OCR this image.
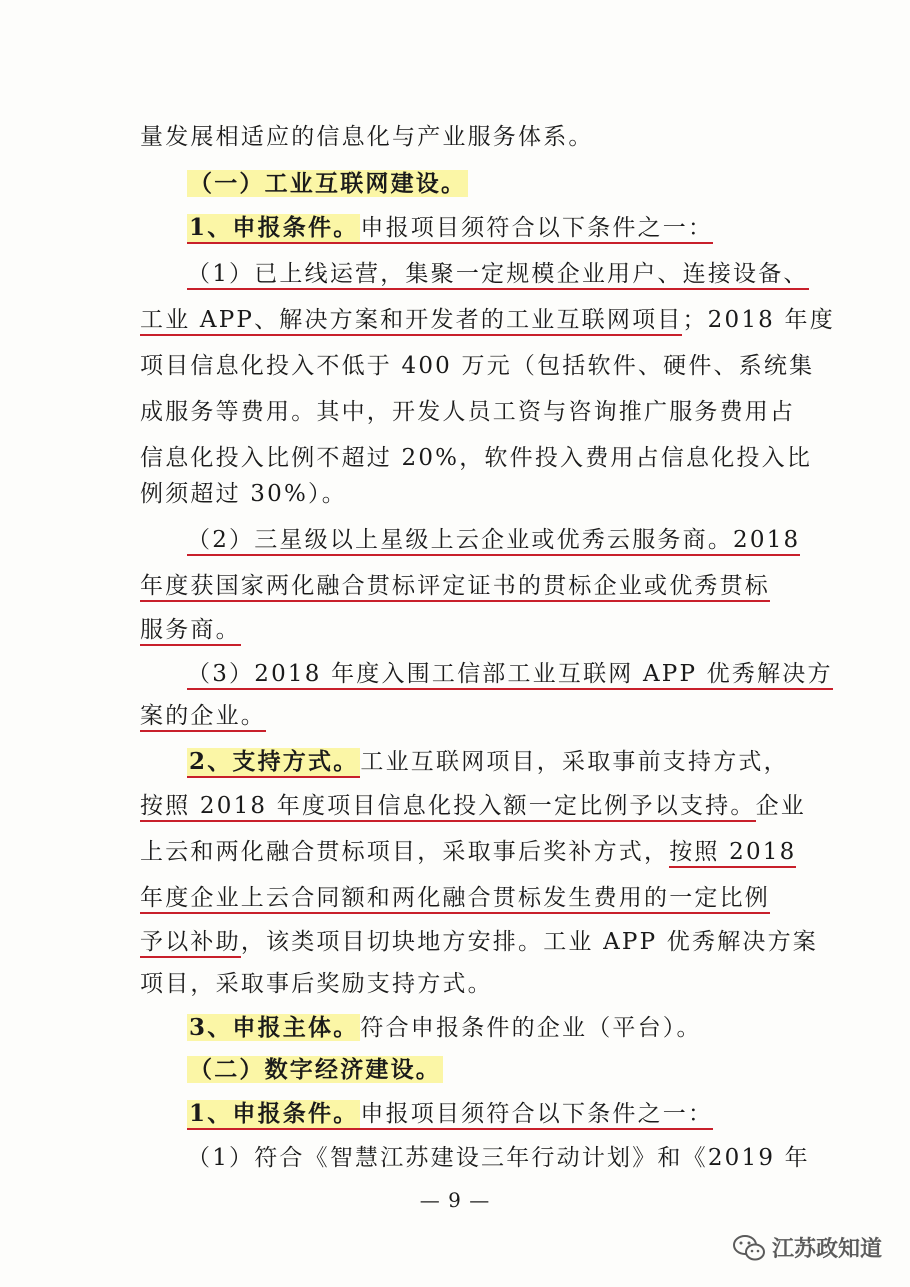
量发展相适应的信息化与产业服务体系。
（一）工业互联网建设。
1、申报条件。申报项目须符合以下条件之一：
（1）已上线运营，集聚一定规模企业用户、连接设备、
工业 APP、解决方案和开发者的工业互联网项目；2018 年度
项目信息化投入不低于 400 万元（包括软件、硬件、系统集
成服务等费用。其中，开发人员工资与咨询推广服务费用占
信息化投入比例不超过 20%，软件投入费用占信息化投入比
例须超过 30%）。
（2）三星级以上星级上云企业或优秀云服务商。2018
年度获国家两化融合贯标评定证书的贯标企业或优秀贯标
服务商。
（3）2018 年度入围工信部工业互联网 APP 优秀解决方
案的企业。
2、支持方式。工业互联网项目，采取事前支持方式，
按照 2018 年度项目信息化投入额一定比例予以支持。企业
上云和两化融合贯标项目，采取事后奖补方式，按照 2018
年度企业上云合同额和两化融合贯标发生费用的一定比例
予以补助，该类项目切块地方安排。工业 APP 优秀解决方案
项目，采取事后奖励支持方式。
3、申报主体。符合申报条件的企业（平台）。
（二）数字经济建设。
1、申报条件。申报项目须符合以下条件之一：
（1）符合《智慧江苏建设三年行动计划》和《2019 年
— 9 —
江苏政知道
